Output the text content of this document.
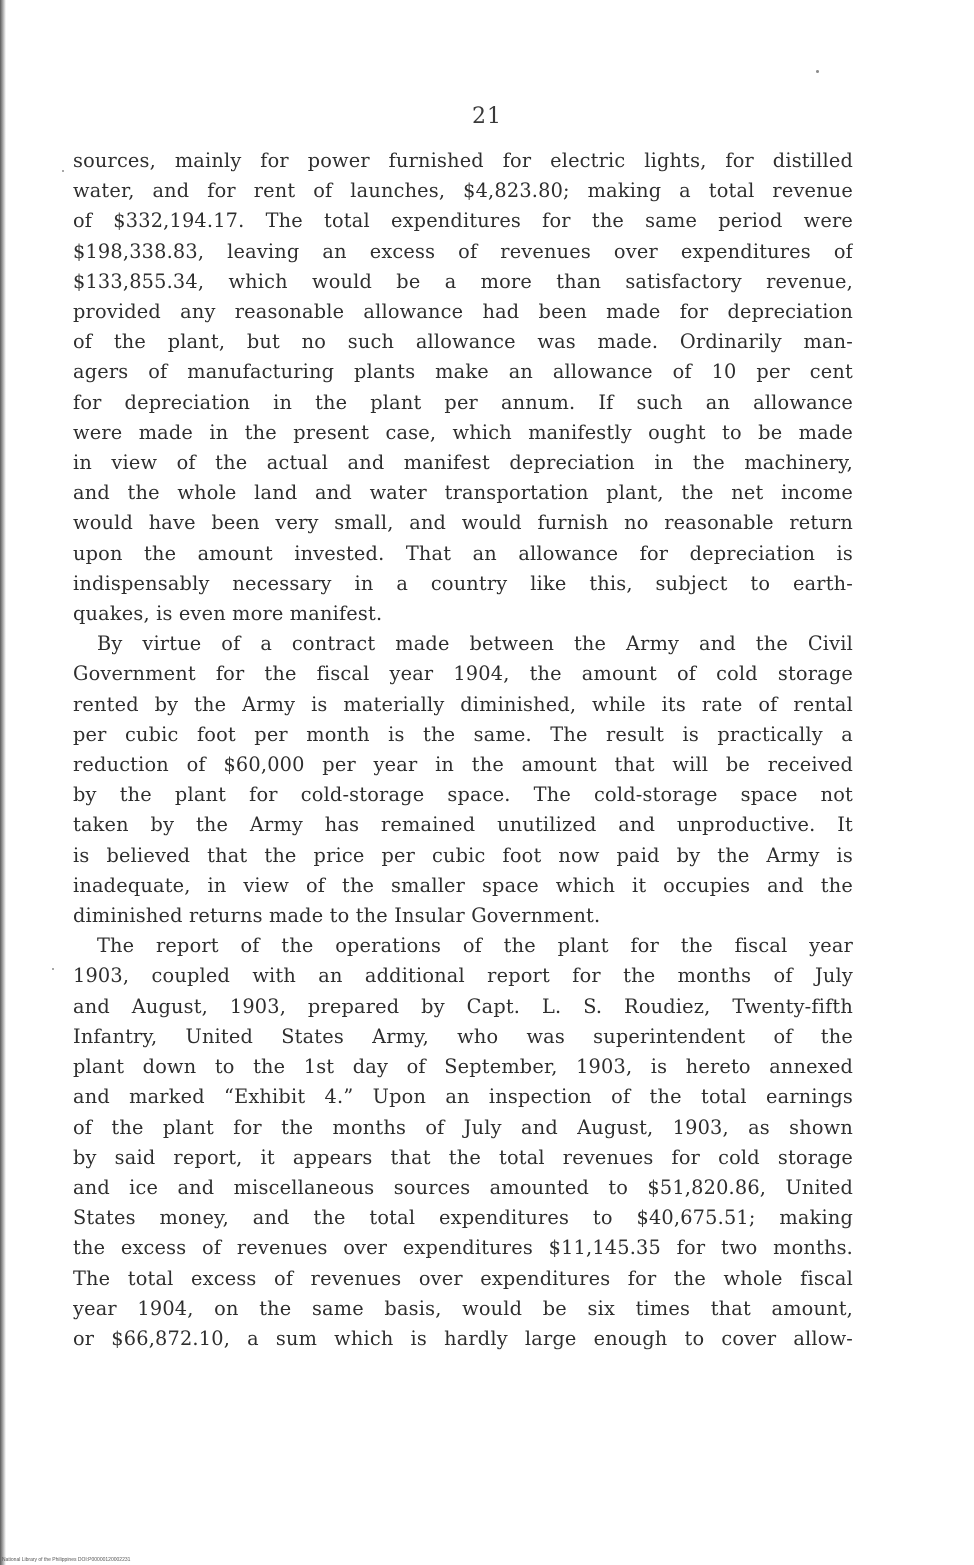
21
sources, mainly for power furnished for electric lights, for distilled
water, and for rent of launches, $4,823.80; making a total revenue
of $332,194.17. The total expenditures for the same period were
$198,338.83, leaving an excess of revenues over expenditures of
$133,855.34, which would be a more than satisfactory revenue,
provided any reasonable allowance had been made for depreciation
of the plant, but no such allowance was made. Ordinarily man-
agers of manufacturing plants make an allowance of 10 per cent
for depreciation in the plant per annum. If such an allowance
were made in the present case, which manifestly ought to be made
in view of the actual and manifest depreciation in the machinery,
and the whole land and water transportation plant, the net income
would have been very small, and would furnish no reasonable return
upon the amount invested. That an allowance for depreciation is
indispensably necessary in a country like this, subject to earth-
quakes, is even more manifest.
By virtue of a contract made between the Army and the Civil
Government for the fiscal year 1904, the amount of cold storage
rented by the Army is materially diminished, while its rate of rental
per cubic foot per month is the same. The result is practically a
reduction of $60,000 per year in the amount that will be received
by the plant for cold-storage space. The cold-storage space not
taken by the Army has remained unutilized and unproductive. It
is believed that the price per cubic foot now paid by the Army is
inadequate, in view of the smaller space which it occupies and the
diminished returns made to the Insular Government.
The report of the operations of the plant for the fiscal year
1903, coupled with an additional report for the months of July
and August, 1903, prepared by Capt. L. S. Roudiez, Twenty-fifth
Infantry, United States Army, who was superintendent of the
plant down to the 1st day of September, 1903, is hereto annexed
and marked “Exhibit 4.” Upon an inspection of the total earnings
of the plant for the months of July and August, 1903, as shown
by said report, it appears that the total revenues for cold storage
and ice and miscellaneous sources amounted to $51,820.86, United
States money, and the total expenditures to $40,675.51; making
the excess of revenues over expenditures $11,145.35 for two months.
The total excess of revenues over expenditures for the whole fiscal
year 1904, on the same basis, would be six times that amount,
or $66,872.10, a sum which is hardly large enough to cover allow-
National Library of the Philippines DOI:P00000120002231
